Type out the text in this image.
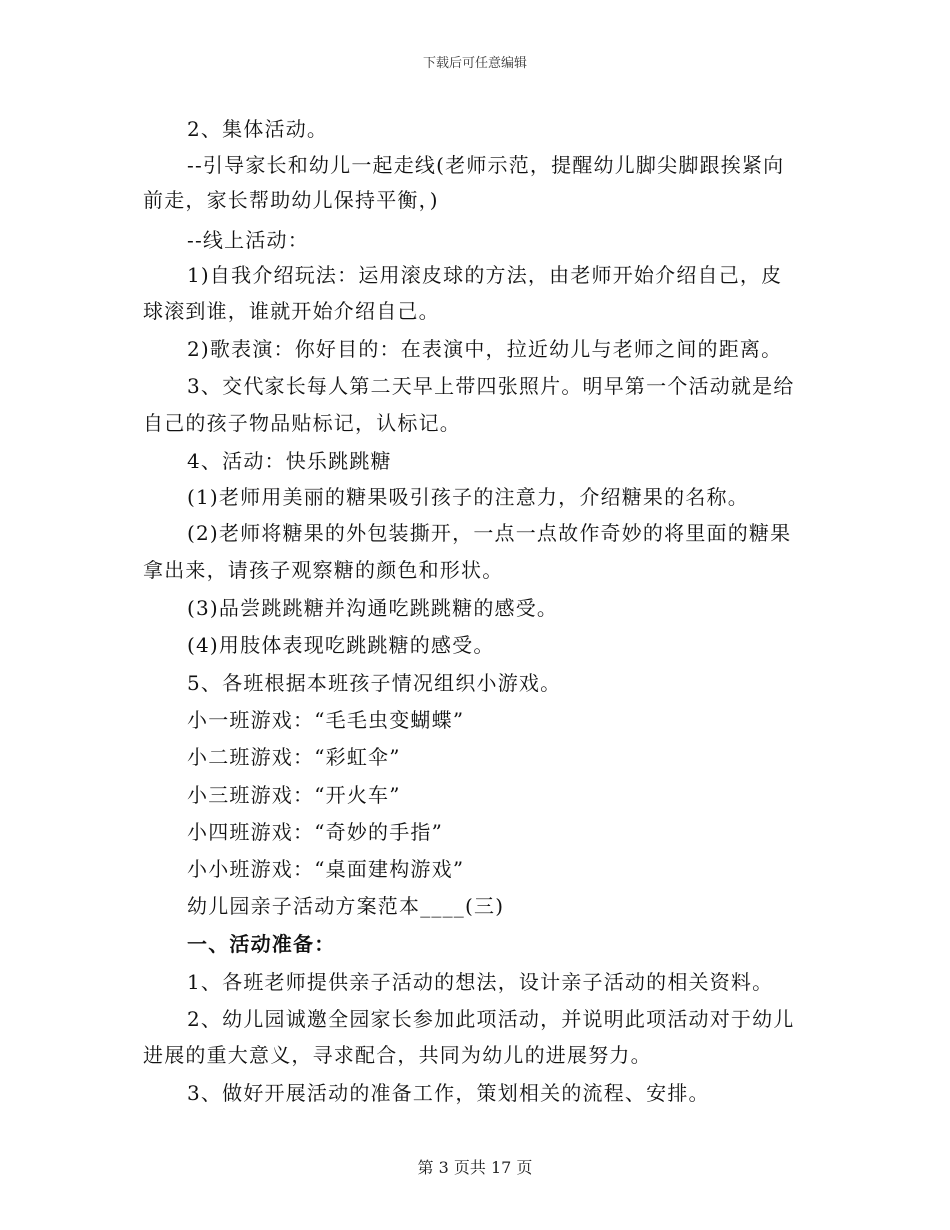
下载后可任意编辑
2、集体活动。
--引导家长和幼儿一起走线(老师示范，提醒幼儿脚尖脚跟挨紧向
前走，家长帮助幼儿保持平衡，)
--线上活动：
1)自我介绍玩法：运用滚皮球的方法，由老师开始介绍自己，皮
球滚到谁，谁就开始介绍自己。
2)歌表演：你好目的：在表演中，拉近幼儿与老师之间的距离。
3、交代家长每人第二天早上带四张照片。明早第一个活动就是给
自己的孩子物品贴标记，认标记。
4、活动：快乐跳跳糖
(1)老师用美丽的糖果吸引孩子的注意力，介绍糖果的名称。
(2)老师将糖果的外包装撕开，一点一点故作奇妙的将里面的糖果
拿出来，请孩子观察糖的颜色和形状。
(3)品尝跳跳糖并沟通吃跳跳糖的感受。
(4)用肢体表现吃跳跳糖的感受。
5、各班根据本班孩子情况组织小游戏。
小一班游戏：“毛毛虫变蝴蝶”
小二班游戏：“彩虹伞”
小三班游戏：“开火车”
小四班游戏：“奇妙的手指”
小小班游戏：“桌面建构游戏”
幼儿园亲子活动方案范本____(三)
一、活动准备：
1、各班老师提供亲子活动的想法，设计亲子活动的相关资料。
2、幼儿园诚邀全园家长参加此项活动，并说明此项活动对于幼儿
进展的重大意义，寻求配合，共同为幼儿的进展努力。
3、做好开展活动的准备工作，策划相关的流程、安排。
第 3 页共 17 页
